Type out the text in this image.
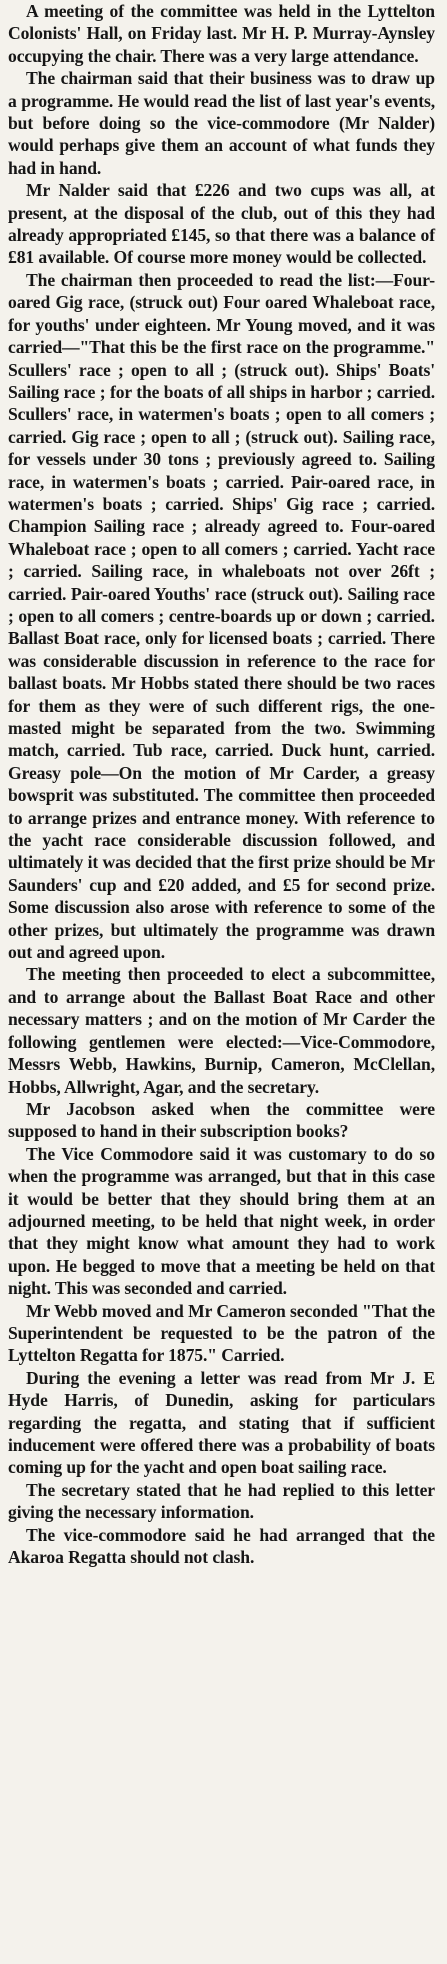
A meeting of the committee was held in the Lyttelton Colonists' Hall, on Friday last. Mr H. P. Murray-Aynsley occupying the chair. There was a very large attendance.

The chairman said that their business was to draw up a programme. He would read the list of last year's events, but before doing so the vice-commodore (Mr Nalder) would perhaps give them an account of what funds they had in hand.

Mr Nalder said that £226 and two cups was all, at present, at the disposal of the club, out of this they had already appropriated £145, so that there was a balance of £81 available. Of course more money would be collected.

The chairman then proceeded to read the list:—Four-oared Gig race, (struck out) Four oared Whaleboat race, for youths' under eighteen. Mr Young moved, and it was carried—"That this be the first race on the programme." Scullers' race ; open to all ; (struck out). Ships' Boats' Sailing race ; for the boats of all ships in harbor ; carried. Scullers' race, in watermen's boats ; open to all comers ; carried. Gig race ; open to all ; (struck out). Sailing race, for vessels under 30 tons ; previously agreed to. Sailing race, in watermen's boats ; carried. Pair-oared race, in watermen's boats ; carried. Ships' Gig race ; carried. Champion Sailing race ; already agreed to. Four-oared Whaleboat race ; open to all comers ; carried. Yacht race ; carried. Sailing race, in whaleboats not over 26ft ; carried. Pair-oared Youths' race (struck out). Sailing race ; open to all comers ; centre-boards up or down ; carried. Ballast Boat race, only for licensed boats ; carried. There was considerable discussion in reference to the race for ballast boats. Mr Hobbs stated there should be two races for them as they were of such different rigs, the one-masted might be separated from the two. Swimming match, carried. Tub race, carried. Duck hunt, carried. Greasy pole—On the motion of Mr Carder, a greasy bowsprit was substituted. The committee then proceeded to arrange prizes and entrance money. With reference to the yacht race considerable discussion followed, and ultimately it was decided that the first prize should be Mr Saunders' cup and £20 added, and £5 for second prize. Some discussion also arose with reference to some of the other prizes, but ultimately the programme was drawn out and agreed upon.

The meeting then proceeded to elect a subcommittee, and to arrange about the Ballast Boat Race and other necessary matters ; and on the motion of Mr Carder the following gentlemen were elected:—Vice-Commodore, Messrs Webb, Hawkins, Burnip, Cameron, McClellan, Hobbs, Allwright, Agar, and the secretary.

Mr Jacobson asked when the committee were supposed to hand in their subscription books?

The Vice Commodore said it was customary to do so when the programme was arranged, but that in this case it would be better that they should bring them at an adjourned meeting, to be held that night week, in order that they might know what amount they had to work upon. He begged to move that a meeting be held on that night. This was seconded and carried.

Mr Webb moved and Mr Cameron seconded "That the Superintendent be requested to be the patron of the Lyttelton Regatta for 1875." Carried.

During the evening a letter was read from Mr J. E Hyde Harris, of Dunedin, asking for particulars regarding the regatta, and stating that if sufficient inducement were offered there was a probability of boats coming up for the yacht and open boat sailing race.

The secretary stated that he had replied to this letter giving the necessary information.

The vice-commodore said he had arranged that the Akaroa Regatta should not clash.
